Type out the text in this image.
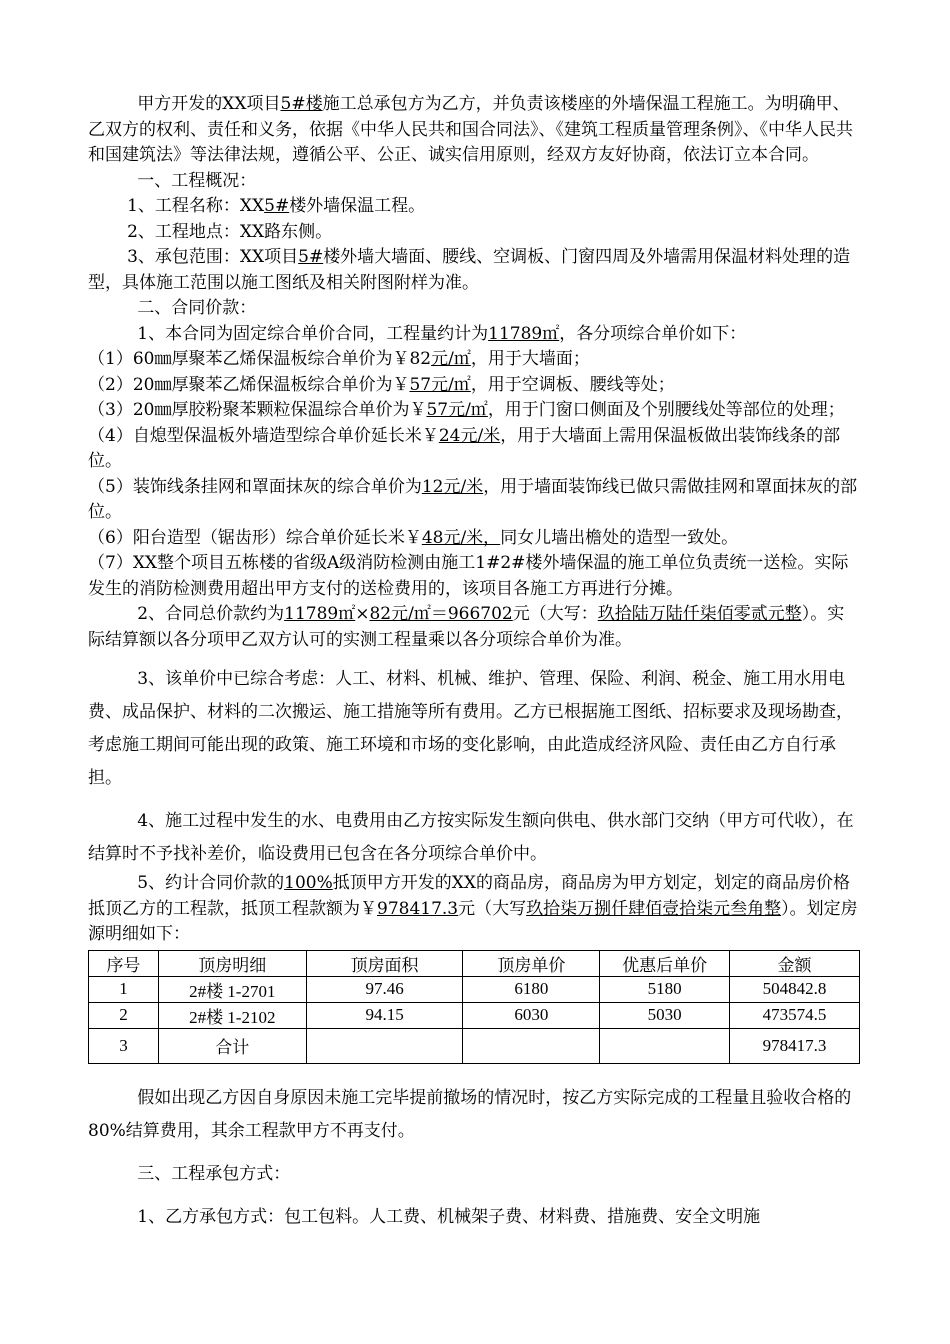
甲方开发的XX项目5#楼施工总承包方为乙方，并负责该楼座的外墙保温工程施工。为明确甲、乙双方的权利、责任和义务，依据《中华人民共和国合同法》、《建筑工程质量管理条例》、《中华人民共和国建筑法》等法律法规，遵循公平、公正、诚实信用原则，经双方友好协商，依法订立本合同。

一、工程概况：

1、工程名称：XX5#楼外墙保温工程。

2、工程地点：XX路东侧。

3、承包范围：XX项目5#楼外墙大墙面、腰线、空调板、门窗四周及外墙需用保温材料处理的造型，具体施工范围以施工图纸及相关附图附样为准。

二、合同价款：

1、本合同为固定综合单价合同，工程量约计为11789㎡，各分项综合单价如下：

（1）60㎜厚聚苯乙烯保温板综合单价为￥82元/㎡，用于大墙面；

（2）20㎜厚聚苯乙烯保温板综合单价为￥57元/㎡，用于空调板、腰线等处；

（3）20㎜厚胶粉聚苯颗粒保温综合单价为￥57元/㎡，用于门窗口侧面及个别腰线处等部位的处理；

（4）自熄型保温板外墙造型综合单价延长米￥24元/米，用于大墙面上需用保温板做出装饰线条的部位。

（5）装饰线条挂网和罩面抹灰的综合单价为12元/米，用于墙面装饰线已做只需做挂网和罩面抹灰的部位。

（6）阳台造型（锯齿形）综合单价延长米￥48元/米，同女儿墙出檐处的造型一致处。

（7）XX整个项目五栋楼的省级A级消防检测由施工1#2#楼外墙保温的施工单位负责统一送检。实际发生的消防检测费用超出甲方支付的送检费用的，该项目各施工方再进行分摊。

2、合同总价款约为11789㎡×82元/㎡＝966702元（大写：玖拾陆万陆仟柒佰零贰元整）。实际结算额以各分项甲乙双方认可的实测工程量乘以各分项综合单价为准。

3、该单价中已综合考虑：人工、材料、机械、维护、管理、保险、利润、税金、施工用水用电费、成品保护、材料的二次搬运、施工措施等所有费用。乙方已根据施工图纸、招标要求及现场勘查，考虑施工期间可能出现的政策、施工环境和市场的变化影响，由此造成经济风险、责任由乙方自行承担。

4、施工过程中发生的水、电费用由乙方按实际发生额向供电、供水部门交纳（甲方可代收），在结算时不予找补差价，临设费用已包含在各分项综合单价中。

5、约计合同价款的100%抵顶甲方开发的XX的商品房，商品房为甲方划定，划定的商品房价格抵顶乙方的工程款，抵顶工程款额为￥978417.3元（大写玖拾柒万捌仟肆佰壹拾柒元叁角整）。划定房源明细如下：

序号	顶房明细	顶房面积	顶房单价	优惠后单价	金额
1	2#楼 1-2701	97.46	6180	5180	504842.8
2	2#楼 1-2102	94.15	6030	5030	473574.5
3	合计				978417.3

假如出现乙方因自身原因未施工完毕提前撤场的情况时，按乙方实际完成的工程量且验收合格的80%结算费用，其余工程款甲方不再支付。

三、工程承包方式：

1、乙方承包方式：包工包料。人工费、机械架子费、材料费、措施费、安全文明施
